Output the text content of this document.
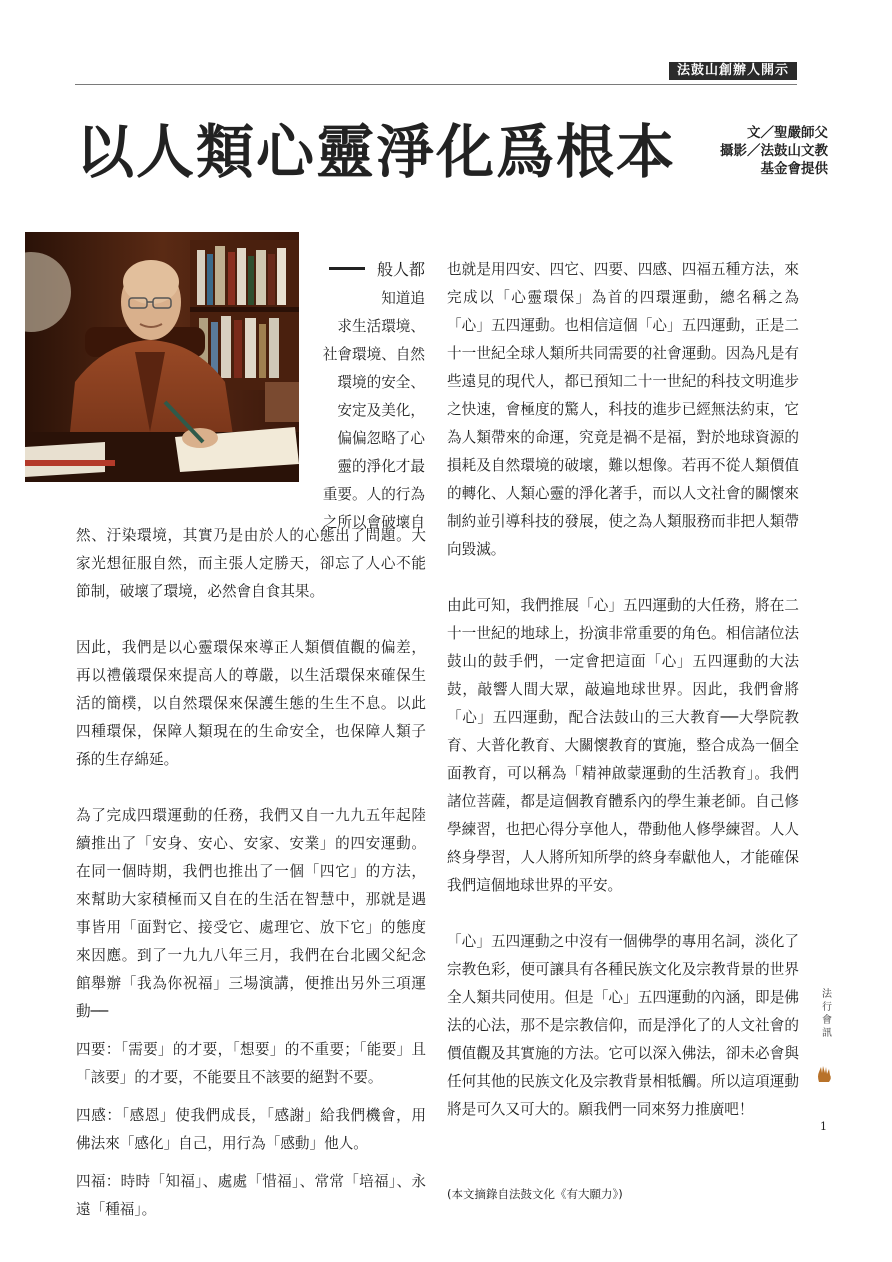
法鼓山創辦人開示
以人類心靈淨化爲根本	文／聖嚴師父
攝影／法鼓山文教
基金會提供
般人都
知道追
求生活環境、
社會環境、自然
環境的安全、
安定及美化，
偏偏忽略了心
靈的淨化才最
重要。人的行為
之所以會破壞自

然、汙染環境，其實乃是由於人的心態出了問題。大家光想征服自然，而主張人定勝天，卻忘了人心不能節制，破壞了環境，必然會自食其果。

因此，我們是以心靈環保來導正人類價值觀的偏差，再以禮儀環保來提高人的尊嚴，以生活環保來確保生活的簡樸，以自然環保來保護生態的生生不息。以此四種環保，保障人類現在的生命安全，也保障人類子孫的生存綿延。

為了完成四環運動的任務，我們又自一九九五年起陸續推出了「安身、安心、安家、安業」的四安運動。在同一個時期，我們也推出了一個「四它」的方法，來幫助大家積極而又自在的生活在智慧中，那就是遇事皆用「面對它、接受它、處理它、放下它」的態度來因應。到了一九九八年三月，我們在台北國父紀念館舉辦「我為你祝福」三場演講，便推出另外三項運動──

四要：「需要」的才要，「想要」的不重要；「能要」且「該要」的才要，不能要且不該要的絕對不要。

四感：「感恩」使我們成長，「感謝」給我們機會，用佛法來「感化」自己，用行為「感動」他人。

四福：時時「知福」、處處「惜福」、常常「培福」、永遠「種福」。

也就是用四安、四它、四要、四感、四福五種方法，來完成以「心靈環保」為首的四環運動，總名稱之為「心」五四運動。也相信這個「心」五四運動，正是二十一世紀全球人類所共同需要的社會運動。因為凡是有些遠見的現代人，都已預知二十一世紀的科技文明進步之快速，會極度的驚人，科技的進步已經無法約束，它為人類帶來的命運，究竟是禍不是福，對於地球資源的損耗及自然環境的破壞，難以想像。若再不從人類價值的轉化、人類心靈的淨化著手，而以人文社會的關懷來制約並引導科技的發展，使之為人類服務而非把人類帶向毀滅。

由此可知，我們推展「心」五四運動的大任務，將在二十一世紀的地球上，扮演非常重要的角色。相信諸位法鼓山的鼓手們，一定會把這面「心」五四運動的大法鼓，敲響人間大眾，敲遍地球世界。因此，我們會將「心」五四運動，配合法鼓山的三大教育──大學院教育、大普化教育、大關懷教育的實施，整合成為一個全面教育，可以稱為「精神啟蒙運動的生活教育」。我們諸位菩薩，都是這個教育體系內的學生兼老師。自己修學練習，也把心得分享他人，帶動他人修學練習。人人終身學習，人人將所知所學的終身奉獻他人，才能確保我們這個地球世界的平安。

「心」五四運動之中沒有一個佛學的專用名詞，淡化了宗教色彩，便可讓具有各種民族文化及宗教背景的世界全人類共同使用。但是「心」五四運動的內涵，即是佛法的心法，那不是宗教信仰，而是淨化了的人文社會的價值觀及其實施的方法。它可以深入佛法，卻未必會與任何其他的民族文化及宗教背景相牴觸。所以這項運動將是可久又可大的。願我們一同來努力推廣吧！

(本文摘錄自法鼓文化《有大願力》)
法
行
會
訊
1
